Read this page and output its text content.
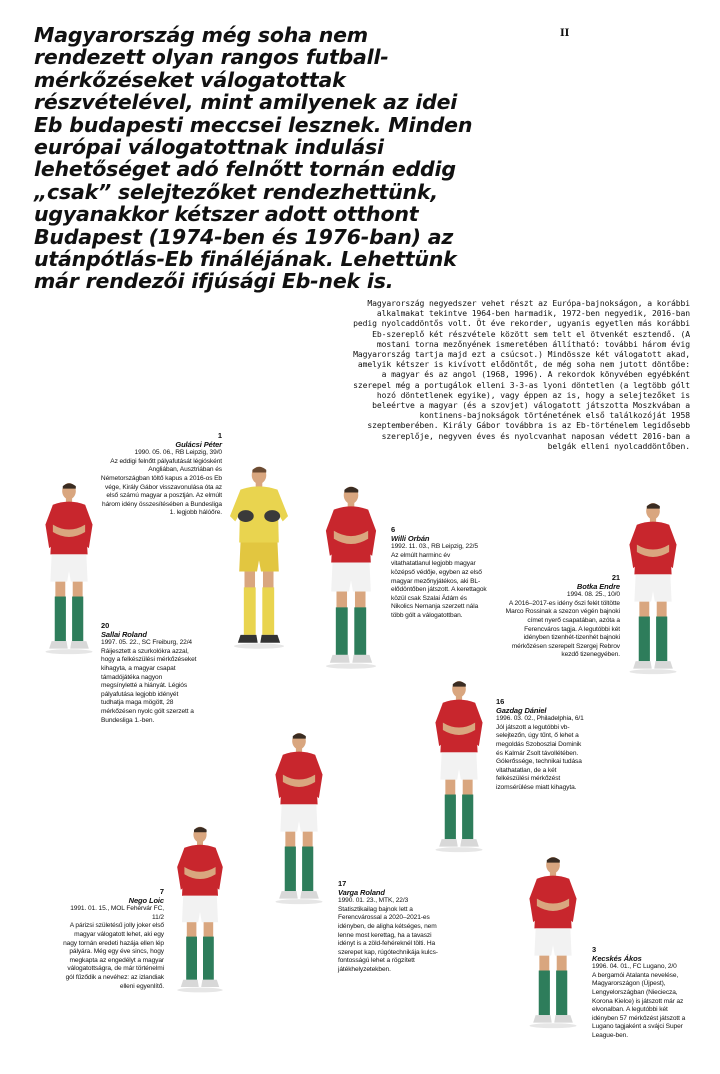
Magyarország még soha nem rendezett olyan rangos futball-mérkőzéseket válogatottak részvételével, mint amilyenek az idei Eb budapesti meccsei lesznek. Minden európai válogatottnak indulási lehetőséget adó felnőtt tornán eddig „csak” selejtezőket rendezhettünk, ugyanakkor kétszer adott otthont Budapest (1974-ben és 1976-ban) az utánpótlás-Eb fináléjának. Lehettünk már rendezői ifjúsági Eb-nek is.
II

Magyarország negyedszer vehet részt az Európa-bajnokságon, a korábbi alkalmakat tekintve 1964-ben harmadik, 1972-ben negyedik, 2016-ban pedig nyolcaddöntős volt. Öt éve rekorder, ugyanis egyetlen más korábbi Eb-szereplő két részvétele között sem telt el ötvenkét esztendő. (A mostani torna mezőnyének ismeretében állítható: további három évig Magyarország tartja majd ezt a csúcsot.) Mindössze két válogatott akad, amelyik kétszer is kivívott elődöntőt, de még soha nem jutott döntőbe: a magyar és az angol (1968, 1996). A rekordok könyvében egyébként szerepel még a portugálok elleni 3-3-as lyoni döntetlen (a legtöbb gólt hozó döntetlenek egyike), vagy éppen az is, hogy a selejtezőket is beleértve a magyar (és a szovjet) válogatott játszotta Moszkvában a kontinens-bajnokságok történetének első találkozóját 1958 szeptemberében. Király Gábor továbbra is az Eb-történelem legidősebb szereplője, negyven éves és nyolcvanhat naposan védett 2016-ban a belgák elleni nyolcaddöntőben.

1
Gulácsi Péter
1990. 05. 06., RB Leipzig, 39/0
Az eddigi felnőtt pályafutását légiósként Angliában, Ausztriában és Németországban töltő kapus a 2016-os Eb vége, Király Gábor visszavonulása óta az első számú magyar a posztján. Az elmúlt három idény összesítésében a Bundesliga 1. legjobb hálóőre.
20
Sallai Roland
1997. 05. 22., SC Freiburg, 22/4
Ráijesztett a szurkolókra azzal, hogy a felkészülési mérkőzéseket kihagyta, a magyar csapat támadójátéka nagyon megsínyletté a hiányát. Légiós pályafutása legjobb idényét tudhatja maga mögött, 28 mérkőzésen nyolc gólt szerzett a Bundesliga 1.-ben.
6
Willi Orbán
1992. 11. 03., RB Leipzig, 22/5
Az elmúlt harminc év vitathatatlanul legjobb magyar középső védője, egyben az első magyar mezőnyjátékos, aki BL-elődöntőben játszott. A kerettagok közül csak Szalai Ádám és Nikolics Nemanja szerzett nála több gólt a válogatottban.
21
Botka Endre
1994. 08. 25., 10/0
A 2016–2017-es idény őszi felét töltötte Marco Rossinak a szezon végén bajnoki címet nyerő csapatában, azóta a Ferencváros tagja. A legutóbbi két idényben tizenhét-tizenhét bajnoki mérkőzésen szerepelt Szergej Rebrov kezdő tizenegyében.
16
Gazdag Dániel
1996. 03. 02., Philadelphia, 6/1
Jól játszott a legutóbbi vb-selejtezőn, úgy tűnt, ő lehet a megoldás Szoboszlai Dominik és Kalmár Zsolt távollétében. Gólerőssége, technikai tudása vitathatatlan, de a két felkészülési mérkőzést izomsérülése miatt kihagyta.
7
Nego Loic
1991. 01. 15., MOL Fehérvár FC, 11/2
A párizsi születésű jolly joker első magyar válogatott lehet, aki egy nagy tornán eredeti hazája ellen lép pályára. Még egy éve sincs, hogy megkapta az engedélyt a magyar válogatottságra, de már történelmi gól fűződik a nevéhez: az izlandiak elleni egyenlítő.
17
Varga Roland
1990. 01. 23., MTK, 22/3
Statisztikailag bajnok lett a Ferencvárossal a 2020–2021-es idényben, de aligha kétséges, nem lenne most kerettag, ha a tavaszi idényt is a zöld-fehéreknél tölti. Ha szerepet kap, rúgótechnikája kulcs-fontosságú lehet a rögzített játékhelyzetekben.
3
Kecskés Ákos
1996. 04. 01., FC Lugano, 2/0
A bergamói Atalanta nevelése, Magyarországon (Újpest), Lengyelországban (Nieciecza, Korona Kielce) is játszott már az elvonalban. A legutóbbi két idényben 57 mérkőzést játszott a Lugano tagjaként a svájci Super League-ben.
